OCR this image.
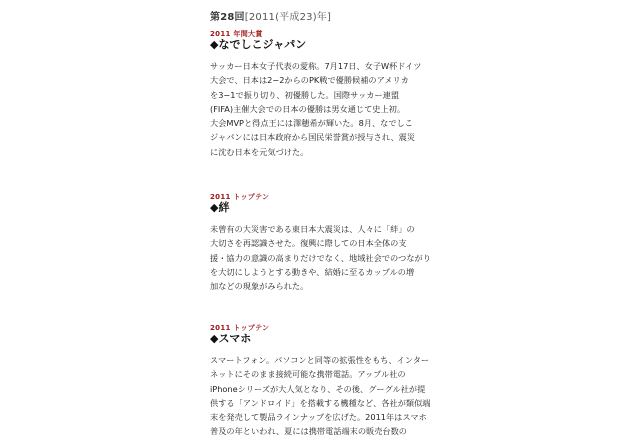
第28回[2011(平成23)年]
2011 年間大賞
◆なでしこジャパン

サッカー日本女子代表の愛称。7月17日、女子W杯ドイツ
大会で、日本は2−2からのPK戦で優勝候補のアメリカ
を3−1で振り切り、初優勝した。国際サッカー連盟
(FIFA)主催大会での日本の優勝は男女通じて史上初。
大会MVPと得点王には澤穂希が輝いた。8月、なでしこ
ジャパンには日本政府から国民栄誉賞が授与され、震災
に沈む日本を元気づけた。

2011 トップテン
◆絆

未曾有の大災害である東日本大震災は、人々に「絆」の
大切さを再認識させた。復興に際しての日本全体の支
援・協力の意識の高まりだけでなく、地域社会でのつながり
を大切にしようとする動きや、結婚に至るカップルの増
加などの現象がみられた。

2011 トップテン
◆スマホ

スマートフォン。パソコンと同等の拡張性をもち、インター
ネットにそのまま接続可能な携帯電話。アップル社の
iPhoneシリーズが大人気となり、その後、グーグル社が提
供する「アンドロイド」を搭載する機種など、各社が類似端
末を発売して製品ラインナップを広げた。2011年はスマホ
普及の年といわれ、夏には携帯電話端末の販売台数の
